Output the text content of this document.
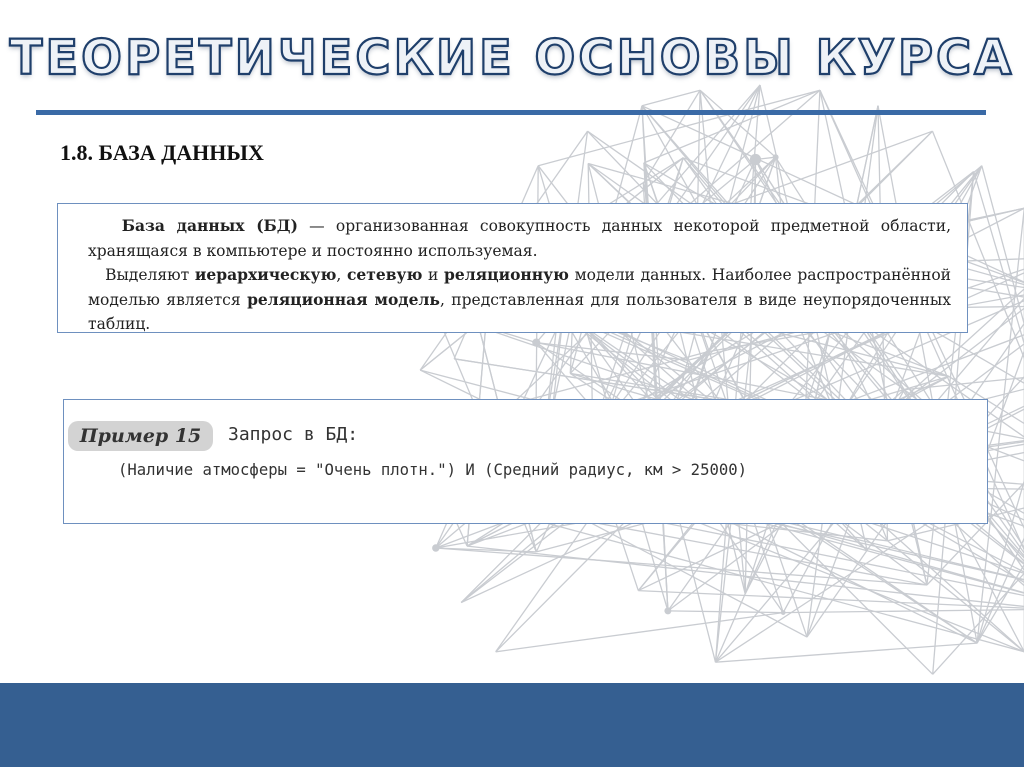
ТЕОРЕТИЧЕСКИЕ ОСНОВЫ КУРСА
1.8. БАЗА ДАННЫХ

База данных (БД) — организованная совокупность данных некоторой предметной области, хранящаяся в компьютере и постоянно используемая.

Выделяют иерархическую, сетевую и реляционную модели данных. Наиболее распространённой моделью является реляционная модель, представленная для пользователя в виде неупорядоченных таблиц.

Пример 15	Запрос в БД:
(Наличие атмосферы = "Очень плотн.") И (Средний радиус, км > 25000)
